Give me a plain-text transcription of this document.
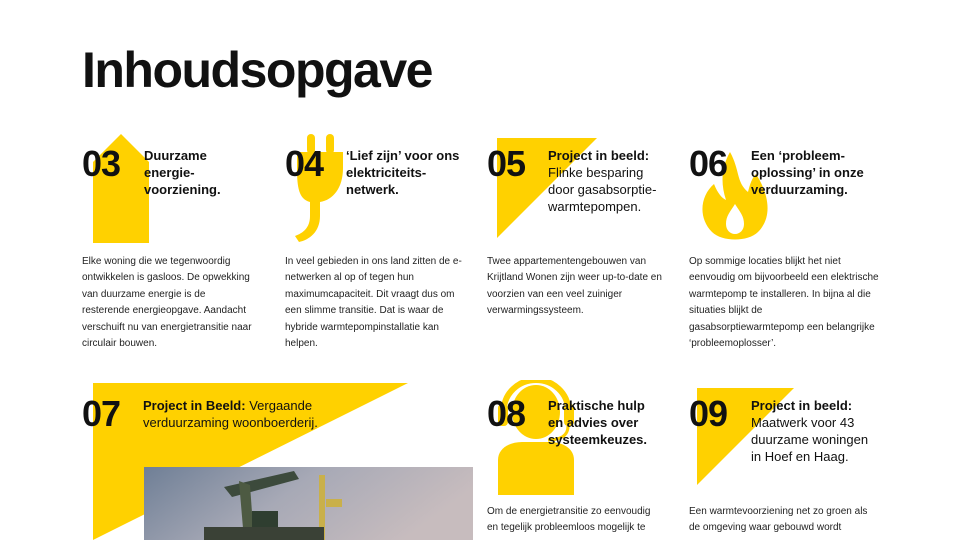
Inhoudsopgave
03 Duurzame energie-voorziening.
Elke woning die we tegenwoordig ontwikkelen is gasloos. De opwekking van duurzame energie is de resterende energieopgave. Aandacht verschuift nu van energietransitie naar circulair bouwen.
04 ‘Lief zijn’ voor ons elektriciteits-netwerk.
In veel gebieden in ons land zitten de e-netwerken al op of tegen hun maximumcapaciteit. Dit vraagt dus om een slimme transitie. Dat is waar de hybride warmtepompinstallatie kan helpen.
05 Project in beeld: Flinke besparing door gasabsorptie-warmtepompen.
Twee appartementengebouwen van Krijtland Wonen zijn weer up-to-date en voorzien van een veel zuiniger verwarmingssysteem.
06 Een ‘probleem-oplossing’ in onze verduurzaming.
Op sommige locaties blijkt het niet eenvoudig om bijvoorbeeld een elektrische warmtepomp te installeren. In bijna al die situaties blijkt de gasabsorptiewarmtepomp een belangrijke ‘probleemoplosser’.
07 Project in Beeld: Vergaande verduurzaming woonboerderij.	08 Praktische hulp en advies over systeemkeuzes.
Om de energietransitie zo eenvoudig en tegelijk probleemloos mogelijk te
09 Project in beeld: Maatwerk voor 43 duurzame woningen in Hoef en Haag.
Een warmtevoorziening net zo groen als de omgeving waar gebouwd wordt
